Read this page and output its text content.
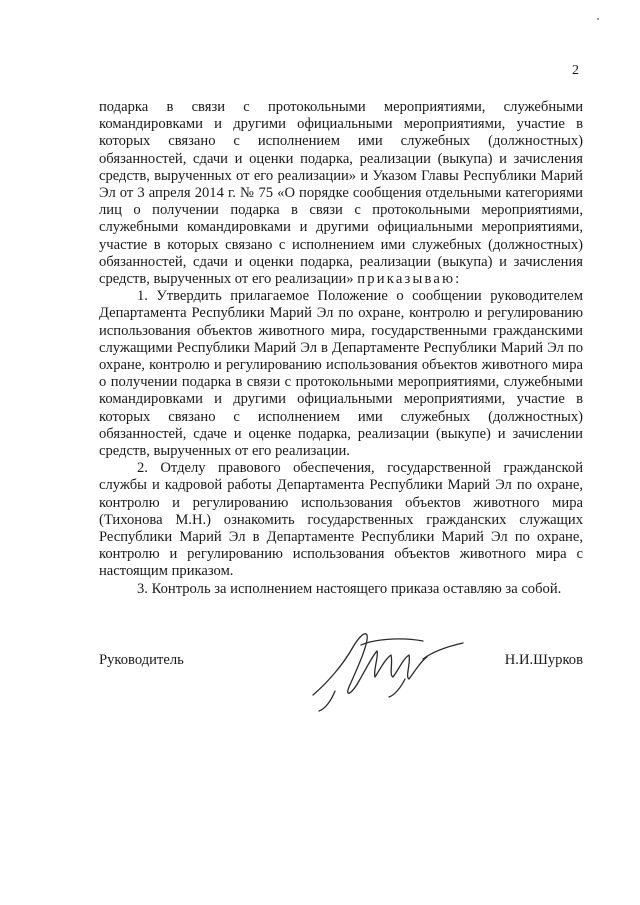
2

подарка в связи с протокольными мероприятиями, служебными командировками и другими официальными мероприятиями, участие в которых связано с исполнением ими служебных (должностных) обязанностей, сдачи и оценки подарка, реализации (выкупа) и зачисления средств, вырученных от его реализации» и Указом Главы Республики Марий Эл от 3 апреля 2014 г. № 75 «О порядке сообщения отдельными категориями лиц о получении подарка в связи с протокольными мероприятиями, служебными командировками и другими официальными мероприятиями, участие в которых связано с исполнением ими служебных (должностных) обязанностей, сдачи и оценки подарка, реализации (выкупа) и зачисления средств, вырученных от его реализации» приказываю:

1. Утвердить прилагаемое Положение о сообщении руководителем Департамента Республики Марий Эл по охране, контролю и регулированию использования объектов животного мира, государственными гражданскими служащими Республики Марий Эл в Департаменте Республики Марий Эл по охране, контролю и регулированию использования объектов животного мира о получении подарка в связи с протокольными мероприятиями, служебными командировками и другими официальными мероприятиями, участие в которых связано с исполнением ими служебных (должностных) обязанностей, сдаче и оценке подарка, реализации (выкупе) и зачислении средств, вырученных от его реализации.

2. Отделу правового обеспечения, государственной гражданской службы и кадровой работы Департамента Республики Марий Эл по охране, контролю и регулированию использования объектов животного мира (Тихонова М.Н.) ознакомить государственных гражданских служащих Республики Марий Эл в Департаменте Республики Марий Эл по охране, контролю и регулированию использования объектов животного мира с настоящим приказом.

3. Контроль за исполнением настоящего приказа оставляю за собой.

Руководитель	Н.И.Шурков
